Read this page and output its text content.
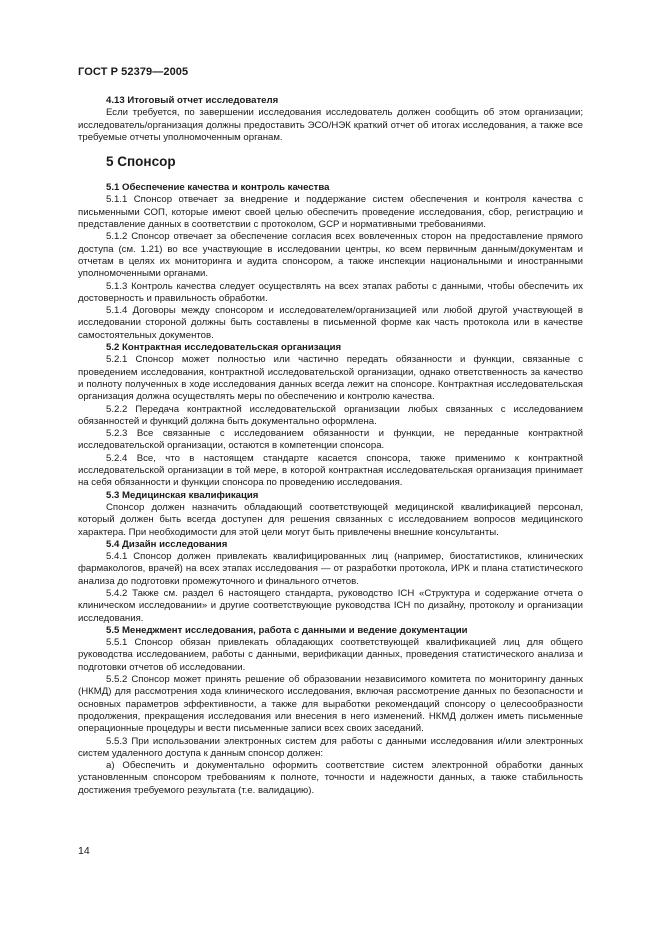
ГОСТ Р 52379—2005

4.13 Итоговый отчет исследователя

Если требуется, по завершении исследования исследователь должен сообщить об этом организации; исследователь/организация должны предоставить ЭСО/НЭК краткий отчет об итогах исследования, а также все требуемые отчеты уполномоченным органам.

5 Спонсор

5.1 Обеспечение качества и контроль качества

5.1.1 Спонсор отвечает за внедрение и поддержание систем обеспечения и контроля качества с письменными СОП, которые имеют своей целью обеспечить проведение исследования, сбор, регистрацию и представление данных в соответствии с протоколом, GCP и нормативными требованиями.

5.1.2 Спонсор отвечает за обеспечение согласия всех вовлеченных сторон на предоставление прямого доступа (см. 1.21) во все участвующие в исследовании центры, ко всем первичным данным/документам и отчетам в целях их мониторинга и аудита спонсором, а также инспекции национальными и иностранными уполномоченными органами.

5.1.3 Контроль качества следует осуществлять на всех этапах работы с данными, чтобы обеспечить их достоверность и правильность обработки.

5.1.4 Договоры между спонсором и исследователем/организацией или любой другой участвующей в исследовании стороной должны быть составлены в письменной форме как часть протокола или в качестве самостоятельных документов.

5.2 Контрактная исследовательская организация

5.2.1 Спонсор может полностью или частично передать обязанности и функции, связанные с проведением исследования, контрактной исследовательской организации, однако ответственность за качество и полноту полученных в ходе исследования данных всегда лежит на спонсоре. Контрактная исследовательская организация должна осуществлять меры по обеспечению и контролю качества.

5.2.2 Передача контрактной исследовательской организации любых связанных с исследованием обязанностей и функций должна быть документально оформлена.

5.2.3 Все связанные с исследованием обязанности и функции, не переданные контрактной исследовательской организации, остаются в компетенции спонсора.

5.2.4 Все, что в настоящем стандарте касается спонсора, также применимо к контрактной исследовательской организации в той мере, в которой контрактная исследовательская организация принимает на себя обязанности и функции спонсора по проведению исследования.

5.3 Медицинская квалификация

Спонсор должен назначить обладающий соответствующей медицинской квалификацией персонал, который должен быть всегда доступен для решения связанных с исследованием вопросов медицинского характера. При необходимости для этой цели могут быть привлечены внешние консультанты.

5.4 Дизайн исследования

5.4.1 Спонсор должен привлекать квалифицированных лиц (например, биостатистиков, клинических фармакологов, врачей) на всех этапах исследования — от разработки протокола, ИРК и плана статистического анализа до подготовки промежуточного и финального отчетов.

5.4.2 Также см. раздел 6 настоящего стандарта, руководство ICH «Структура и содержание отчета о клиническом исследовании» и другие соответствующие руководства ICH по дизайну, протоколу и организации исследования.

5.5 Менеджмент исследования, работа с данными и ведение документации

5.5.1 Спонсор обязан привлекать обладающих соответствующей квалификацией лиц для общего руководства исследованием, работы с данными, верификации данных, проведения статистического анализа и подготовки отчетов об исследовании.

5.5.2 Спонсор может принять решение об образовании независимого комитета по мониторингу данных (НКМД) для рассмотрения хода клинического исследования, включая рассмотрение данных по безопасности и основных параметров эффективности, а также для выработки рекомендаций спонсору о целесообразности продолжения, прекращения исследования или внесения в него изменений. НКМД должен иметь письменные операционные процедуры и вести письменные записи всех своих заседаний.

5.5.3 При использовании электронных систем для работы с данными исследования и/или электронных систем удаленного доступа к данным спонсор должен:

а) Обеспечить и документально оформить соответствие систем электронной обработки данных установленным спонсором требованиям к полноте, точности и надежности данных, а также стабильность достижения требуемого результата (т.е. валидацию).

14
